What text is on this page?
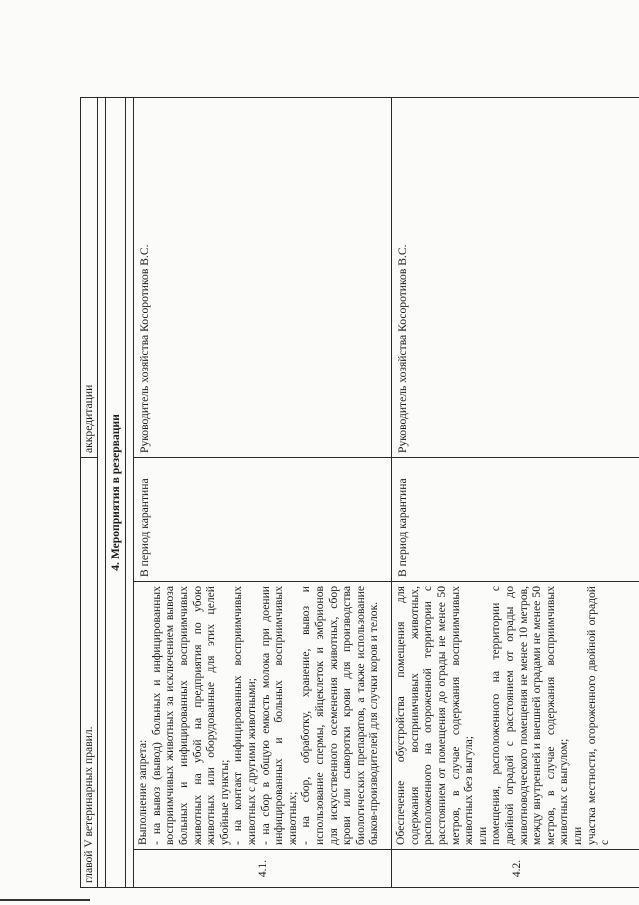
главой V ветеринарных правил.			аккредитации

4. Мероприятия в резервации			

4.1.	Выполнение запрета: - на вывоз (вывод) больных и инфицированных восприимчивых животных за исключением вывоза больных и инфицированных восприимчивых животных на убой на предприятия по убою животных или оборудованные для этих целей убойные пункты; - на контакт инфицированных восприимчивых животных с другими животными; - на сбор в общую емкость молока при доении инфицированных и больных восприимчивых животных; - на сбор, обработку, хранение, вывоз и использование спермы, яйцеклеток и эмбрионов для искусственного осеменения животных, сбор крови или сыворотки крови для производства биологических препаратов, а также использование быков-производителей для случки коров и телок.	В период карантина	Руководитель хозяйства Косоротиков В.С.
4.2.	Обеспечение обустройства помещения для содержания восприимчивых животных, расположенного на огороженной территории с расстоянием от помещения до ограды не менее 50 метров, в случае содержания восприимчивых животных без выгула; или помещения, расположенного на территории с двойной оградой с расстоянием от ограды до животноводческого помещения не менее 10 метров, между внутренней и внешней оградами не менее 50 метров, в случае содержания восприимчивых животных с выгулом; или участка местности, огороженного двойной оградой с	В период карантина	Руководитель хозяйства Косоротиков В.С.
